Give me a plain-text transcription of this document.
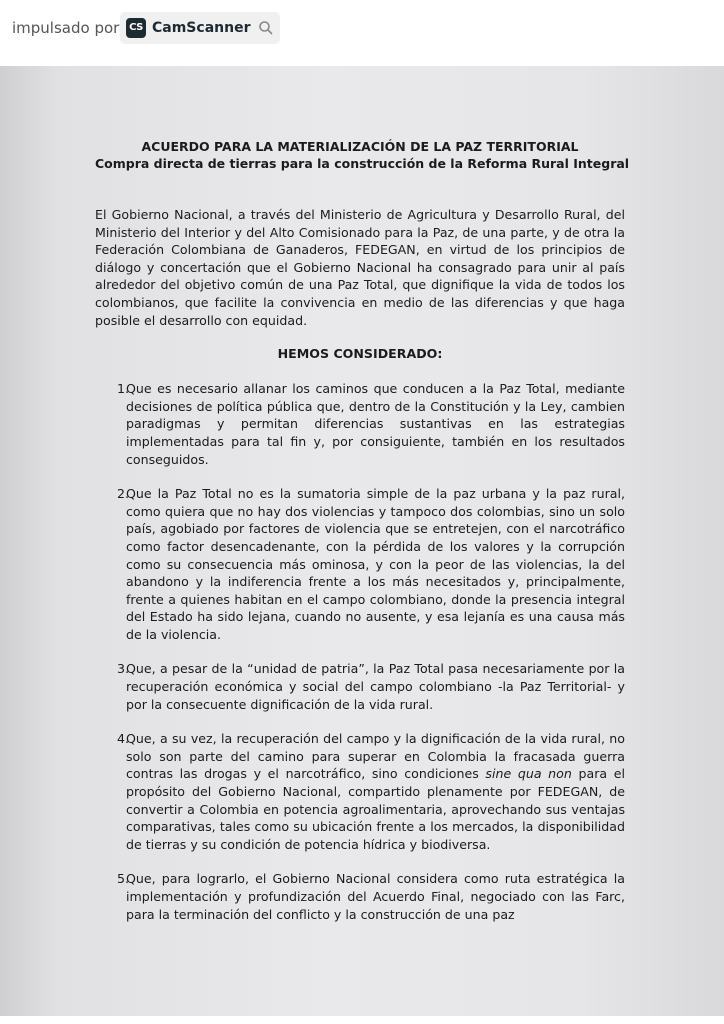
impulsado por CS CamScanner
ACUERDO PARA LA MATERIALIZACIÓN DE LA PAZ TERRITORIAL
Compra directa de tierras para la construcción de la Reforma Rural Integral
El Gobierno Nacional, a través del Ministerio de Agricultura y Desarrollo Rural, del Ministerio del Interior y del Alto Comisionado para la Paz, de una parte, y de otra la Federación Colombiana de Ganaderos, FEDEGAN, en virtud de los principios de diálogo y concertación que el Gobierno Nacional ha consagrado para unir al país alrededor del objetivo común de una Paz Total, que dignifique la vida de todos los colombianos, que facilite la convivencia en medio de las diferencias y que haga posible el desarrollo con equidad.
HEMOS CONSIDERADO:
1.
Que es necesario allanar los caminos que conducen a la Paz Total, mediante decisiones de política pública que, dentro de la Constitución y la Ley, cambien paradigmas y permitan diferencias sustantivas en las estrategias implementadas para tal fin y, por consiguiente, también en los resultados conseguidos.
2.
Que la Paz Total no es la sumatoria simple de la paz urbana y la paz rural, como quiera que no hay dos violencias y tampoco dos colombias, sino un solo país, agobiado por factores de violencia que se entretejen, con el narcotráfico como factor desencadenante, con la pérdida de los valores y la corrupción como su consecuencia más ominosa, y con la peor de las violencias, la del abandono y la indiferencia frente a los más necesitados y, principalmente, frente a quienes habitan en el campo colombiano, donde la presencia integral del Estado ha sido lejana, cuando no ausente, y esa lejanía es una causa más de la violencia.
3.
Que, a pesar de la “unidad de patria”, la Paz Total pasa necesariamente por la recuperación económica y social del campo colombiano -la Paz Territorial- y por la consecuente dignificación de la vida rural.
4.
Que, a su vez, la recuperación del campo y la dignificación de la vida rural, no solo son parte del camino para superar en Colombia la fracasada guerra contras las drogas y el narcotráfico, sino condiciones sine qua non para el propósito del Gobierno Nacional, compartido plenamente por FEDEGAN, de convertir a Colombia en potencia agroalimentaria, aprovechando sus ventajas comparativas, tales como su ubicación frente a los mercados, la disponibilidad de tierras y su condición de potencia hídrica y biodiversa.
5.
Que, para lograrlo, el Gobierno Nacional considera como ruta estratégica la implementación y profundización del Acuerdo Final, negociado con las Farc, para la terminación del conflicto y la construcción de una paz
